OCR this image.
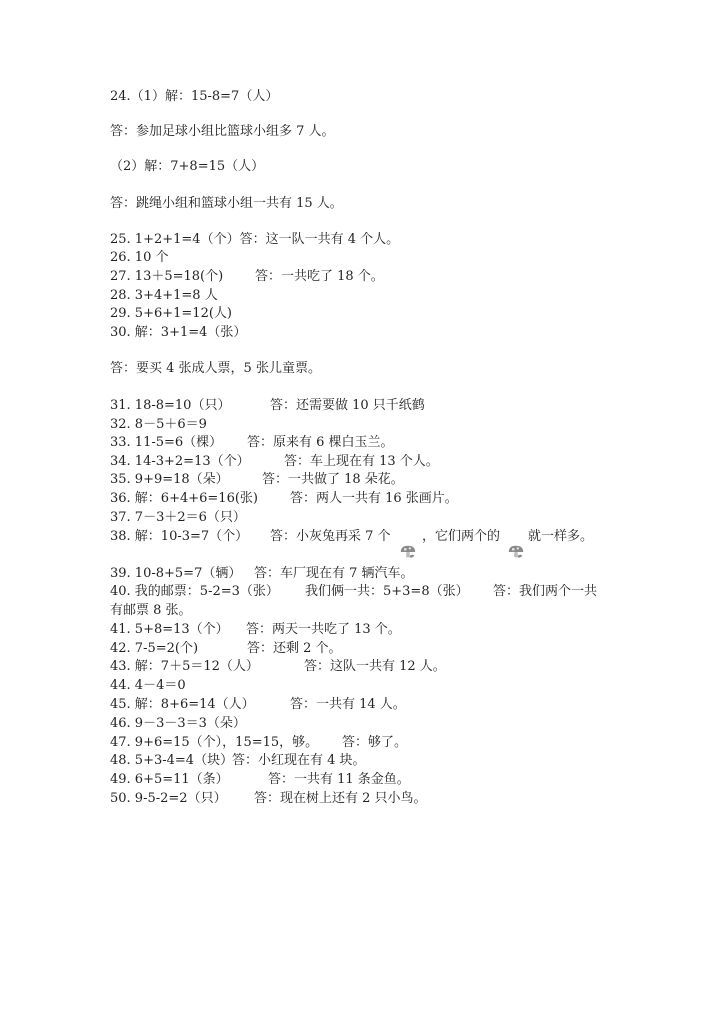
24.（1）解：15-8=7（人）
答：参加足球小组比篮球小组多 7 人。
（2）解：7+8=15（人）
答：跳绳小组和篮球小组一共有 15 人。
25. 1+2+1=4（个）答：这一队一共有 4 个人。
26. 10 个
27. 13＋5=18(个) 答：一共吃了 18 个。
28. 3+4+1=8 人
29. 5+6+1=12(人)
30. 解：3+1=4（张）
答：要买 4 张成人票，5 张儿童票。
31. 18-8=10（只）	答：还需要做 10 只千纸鹤
32. 8－5＋6＝9
33. 11-5=6（棵） 答：原来有 6 棵白玉兰。
34. 14-3+2=13（个）	答：车上现在有 13 个人。
35. 9+9=18（朵）	答：一共做了 18 朵花。
36. 解：6+4+6=16(张) 答：两人一共有 16 张画片。
37. 7－3＋2＝6（只）
38. 解：10-3=7（个） 答：小灰兔再采 7 个 ，它们两个的 就一样多。
39. 10-8+5=7（辆） 答：车厂现在有 7 辆汽车。
40. 我的邮票：5-2=3（张） 我们俩一共：5+3=8（张） 答：我们两个一共
有邮票 8 张。
41. 5+8=13（个） 答：两天一共吃了 13 个。
42. 7-5=2(个)	答：还剩 2 个。
43. 解：7＋5＝12（人）	答：这队一共有 12 人。
44. 4－4＝0
45. 解：8+6=14（人）	答：一共有 14 人。
46. 9－3－3＝3（朵）
47. 9+6=15（个），15=15，够。 答：够了。
48. 5+3-4=4（块）
答：小红现在有 4 块。
49. 6+5=11（条）	答：一共有 11 条金鱼。
50. 9-5-2=2（只） 答：现在树上还有 2 只小鸟。
